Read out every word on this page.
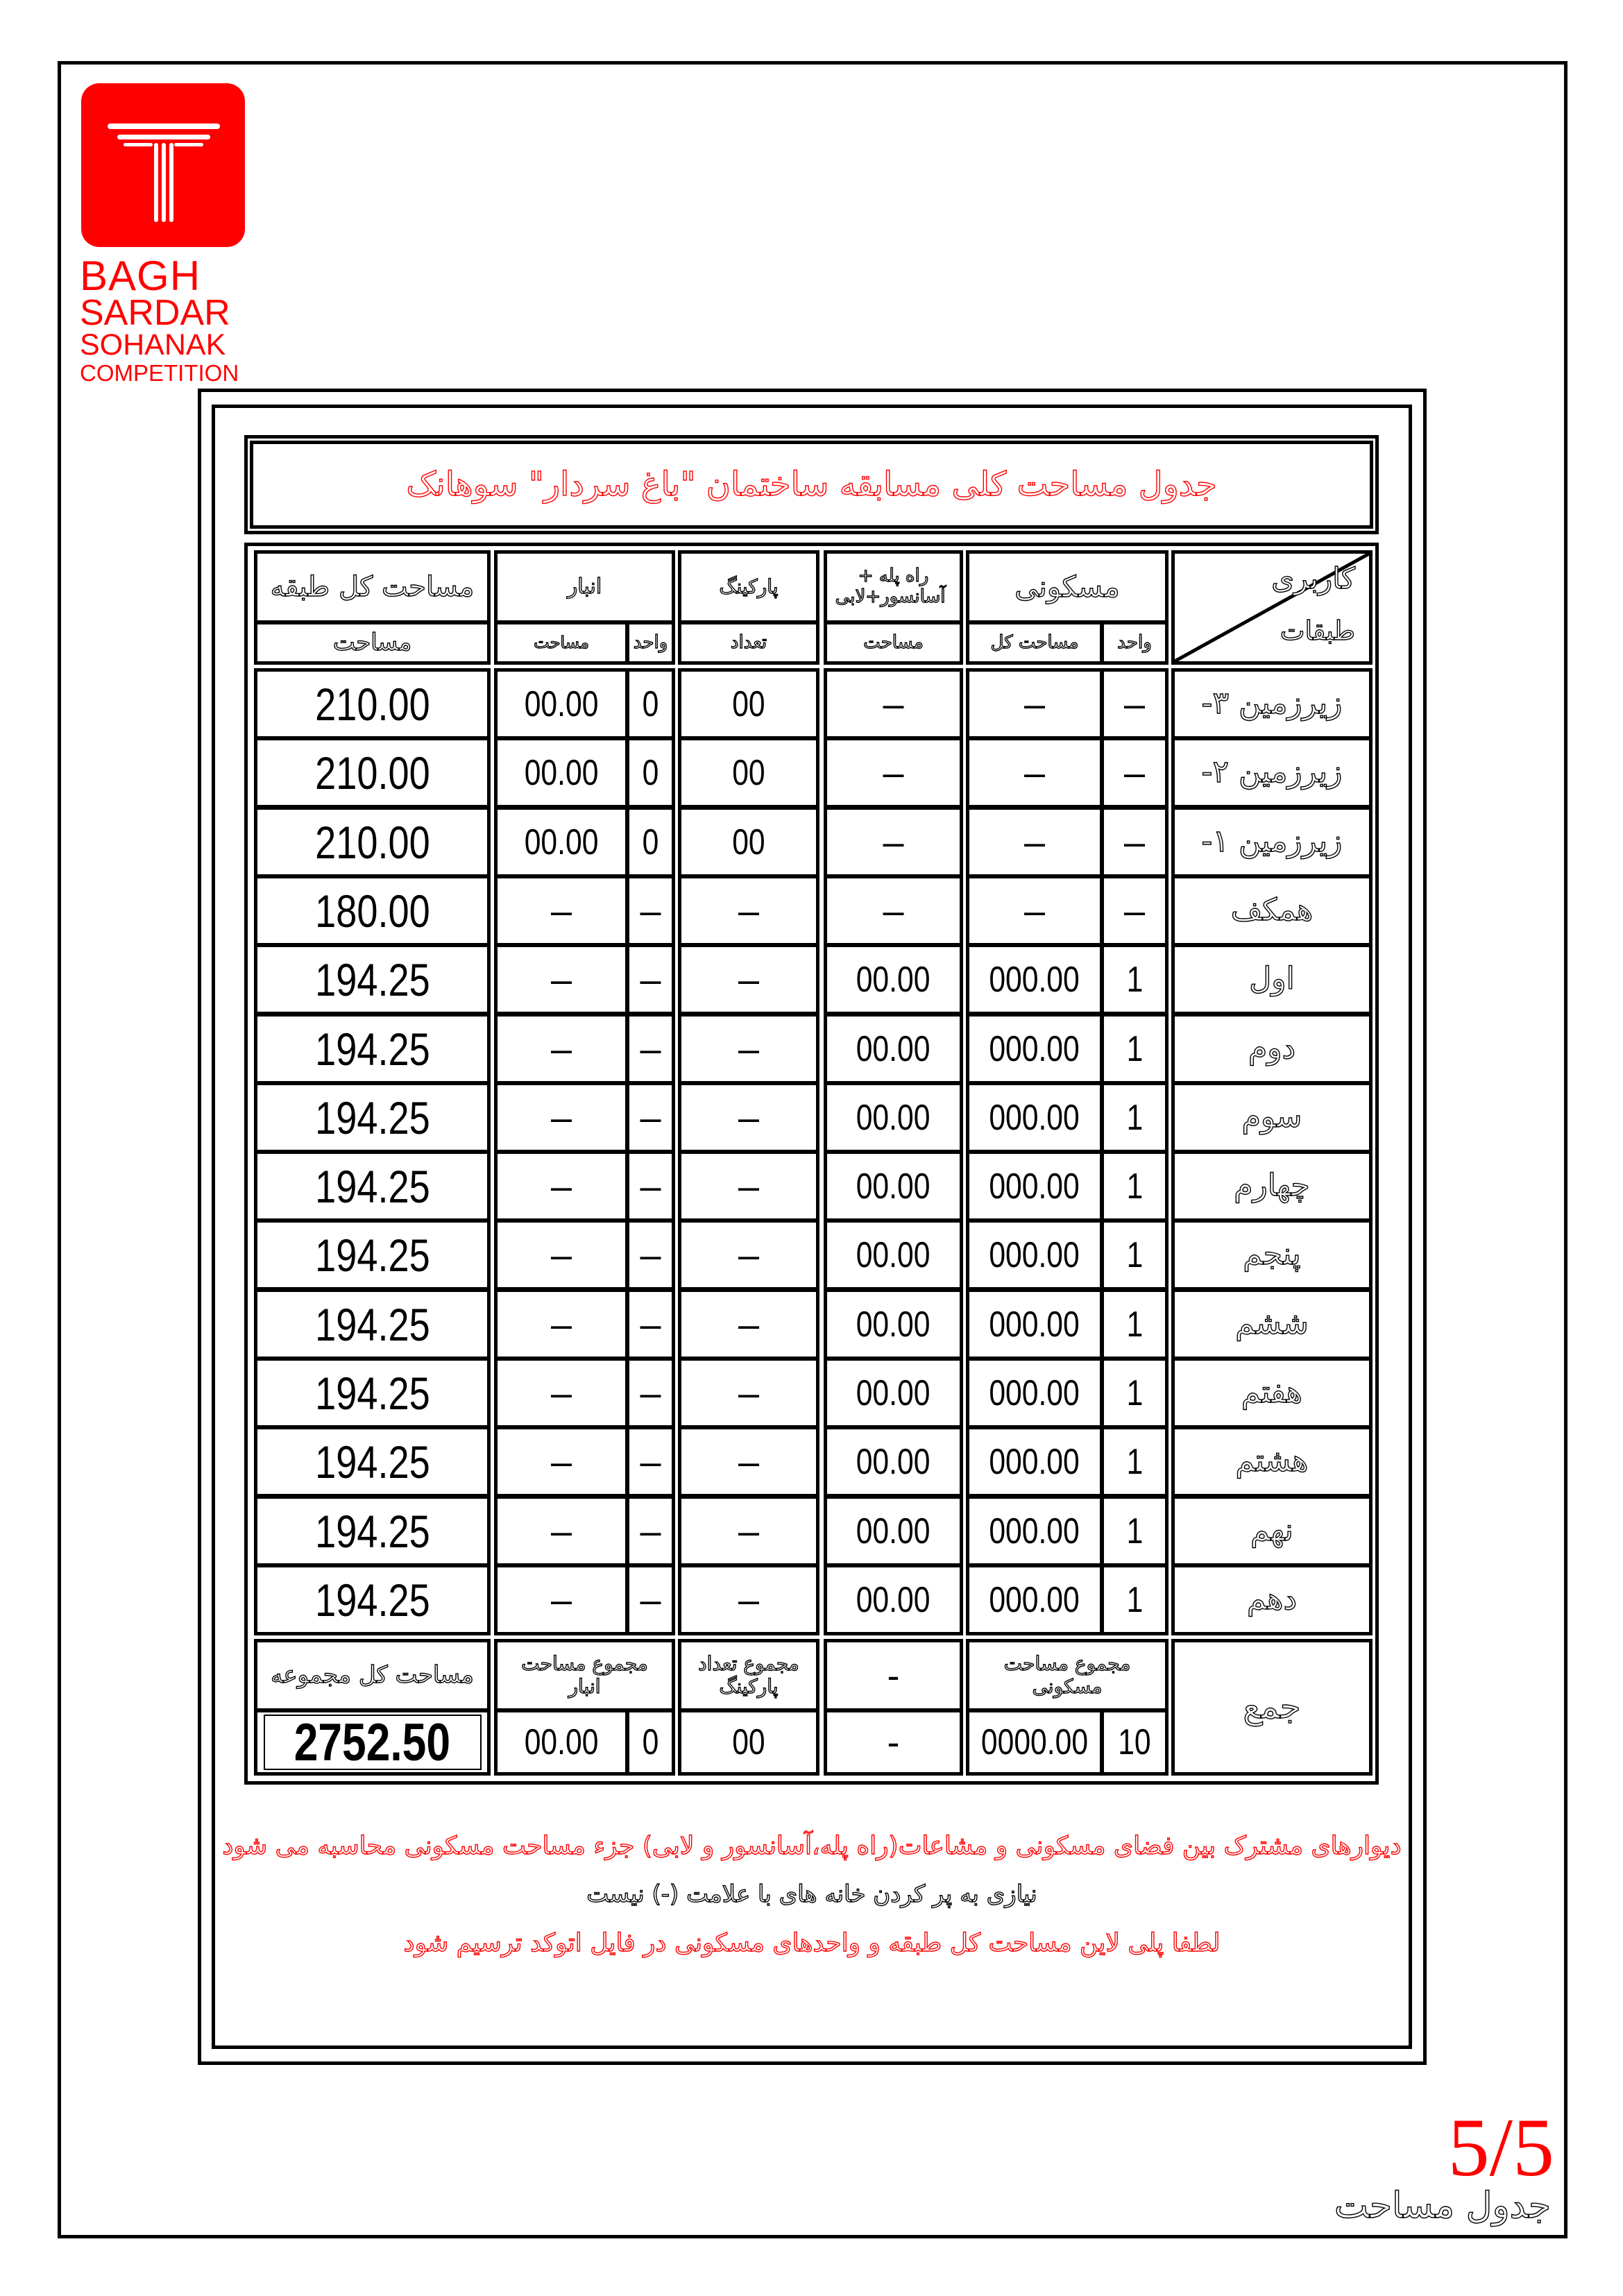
BAGH
SARDAR
SOHANAK
COMPETITION
جدول مساحت کلی مسابقه ساختمان "باغ سردار" سوهانک
کاربری
طبقات
مسکونی
واحد
مساحت کل
راه پله + آسانسور+لابی
مساحت
پارکینگ
تعداد
انبار
واحد
مساحت
مساحت کل طبقه
مساحت
زیرزمین ۳-
–
–
–
00
0
00.00
210.00
زیرزمین ۲-
–
–
–
00
0
00.00
210.00
زیرزمین ۱-
–
–
–
00
0
00.00
210.00
همکف
–
–
–
–
–
–
180.00
اول
1
000.00
00.00
–
–
–
194.25
دوم
1
000.00
00.00
–
–
–
194.25
سوم
1
000.00
00.00
–
–
–
194.25
چهارم
1
000.00
00.00
–
–
–
194.25
پنجم
1
000.00
00.00
–
–
–
194.25
ششم
1
000.00
00.00
–
–
–
194.25
هفتم
1
000.00
00.00
–
–
–
194.25
هشتم
1
000.00
00.00
–
–
–
194.25
نهم
1
000.00
00.00
–
–
–
194.25
دهم
1
000.00
00.00
–
–
–
194.25
جمع
مجموع مساحت مسکونی
10
0000.00
-
-
مجموع تعداد پارکینگ
00
مجموع مساحت انبار
0
00.00
مساحت کل مجموعه
2752.50
دیوارهای مشترک بین فضای مسکونی و مشاعات(راه پله،آسانسور و لابی) جزء مساحت مسکونی محاسبه می شود
نیازی به پر کردن خانه های با علامت (-) نیست
لطفا پلی لاین مساحت کل طبقه و واحدهای مسکونی در فایل اتوکد ترسیم شود
5/5
جدول مساحت
